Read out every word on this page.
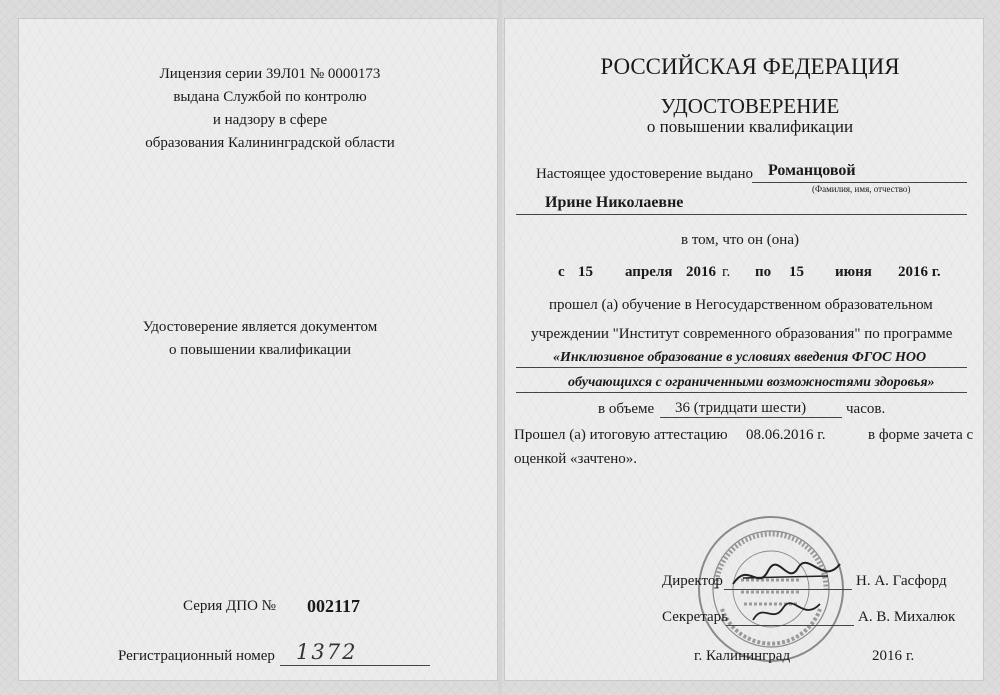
Лицензия серии 39Л01 № 0000173
выдана Службой по контролю
и надзору в сфере
образования Калининградской области
Удостоверение является документом
о повышении квалификации
Серия ДПО № 002117
Регистрационный номер 1372
РОССИЙСКАЯ ФЕДЕРАЦИЯ
УДОСТОВЕРЕНИЕ
о повышении квалификации
Настоящее удостоверение выдано Романцовой
(Фамилия, имя, отчество)
Ирине Николаевне
в том, что он (она)
с 15 апреля 2016 г. по 15 июня 2016 г.
прошел (а) обучение в Негосударственном образовательном
учреждении "Институт современного образования" по программе
«Инклюзивное образование в условиях введения ФГОС НОО
обучающихся с ограниченными возможностями здоровья»
в объеме 36 (тридцати шести)	часов.
Прошел (а) итоговую аттестацию 08.06.2016 г.	в форме зачета с
оценкой «зачтено».
Директор	Н. А. Гасфорд
Секретарь	А. В. Михалюк
г. Калининград	2016 г.
